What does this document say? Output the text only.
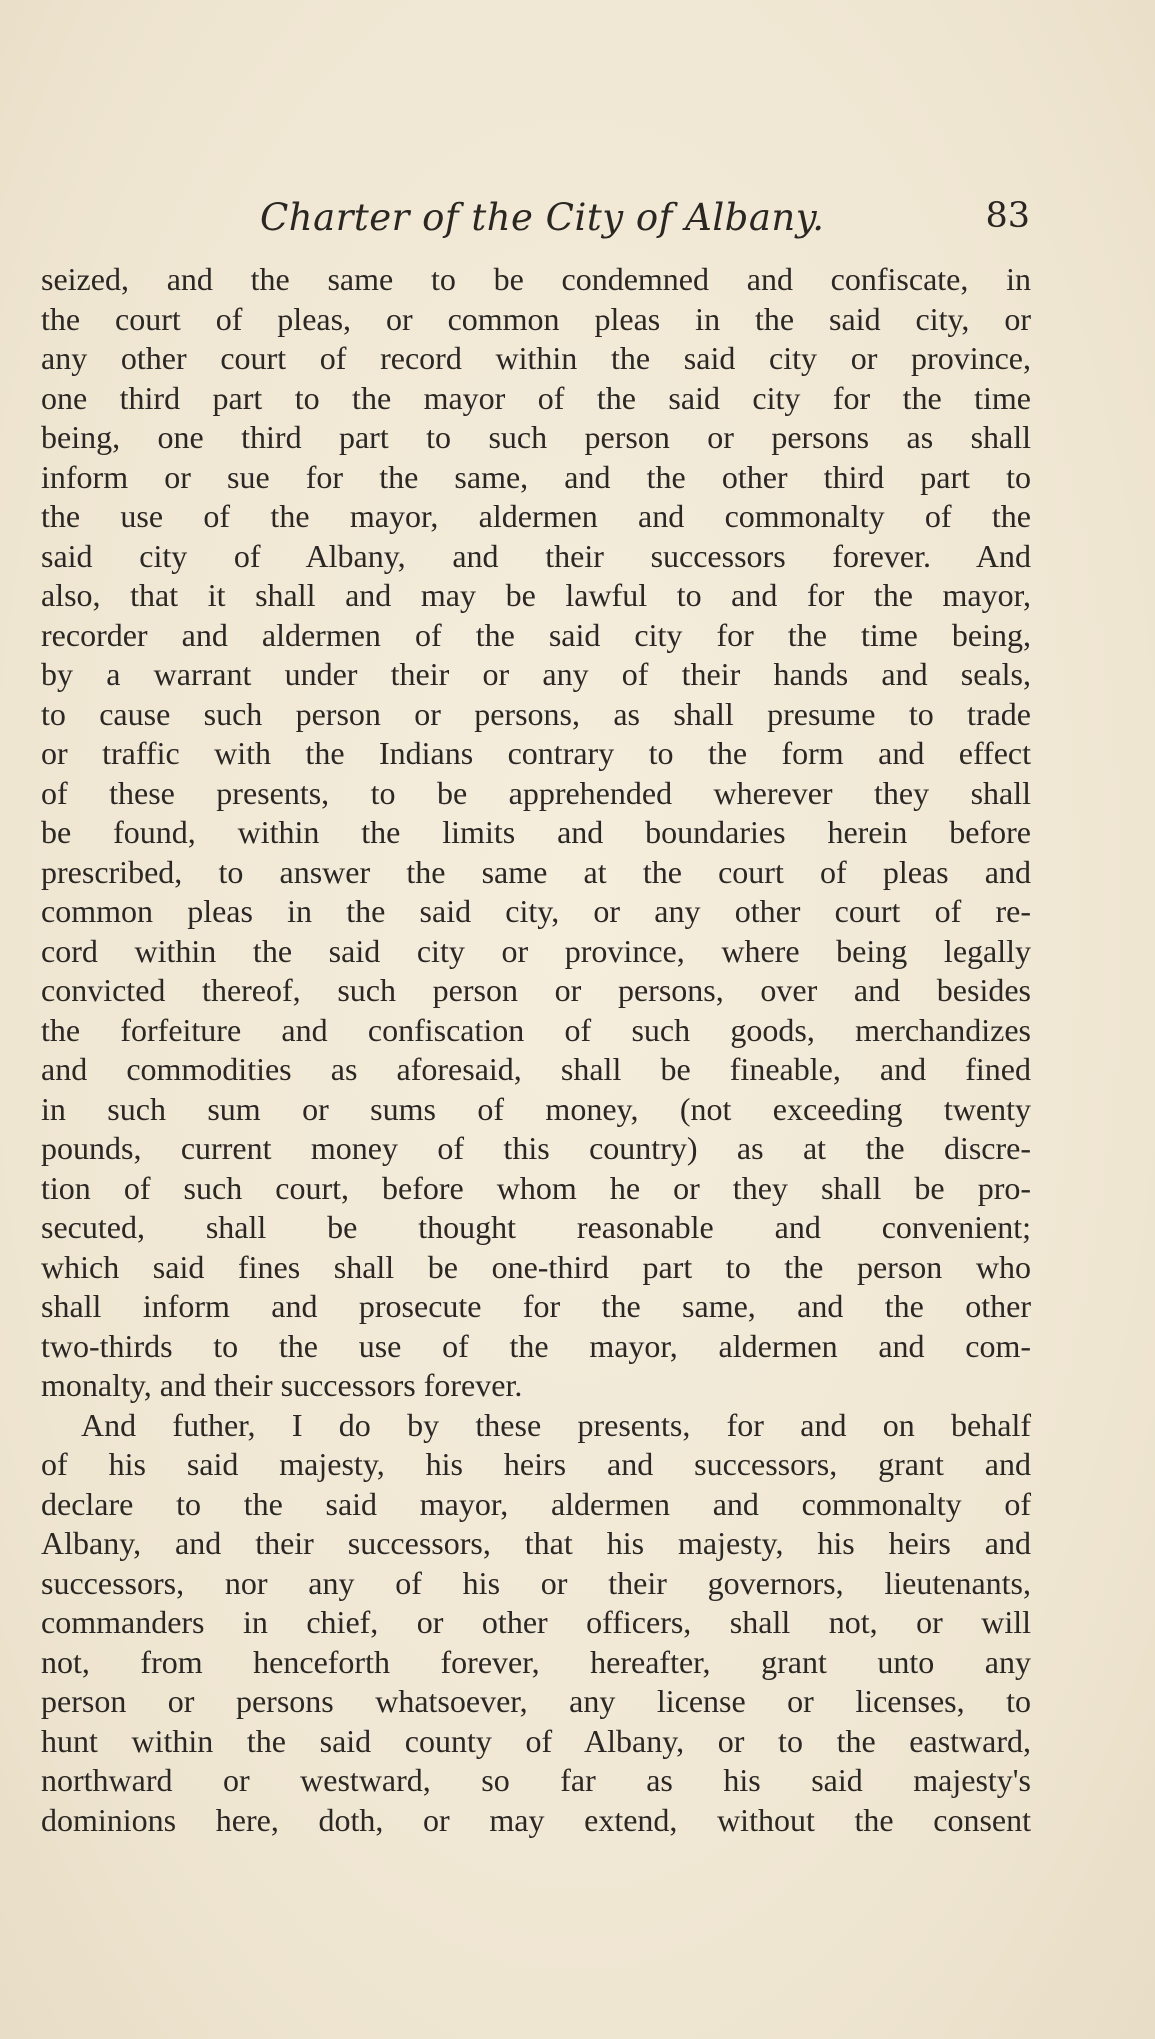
Charter of the City of Albany.	83
seized, and the same to be condemned and confiscate, in
the court of pleas, or common pleas in the said city, or
any other court of record within the said city or province,
one third part to the mayor of the said city for the time
being, one third part to such person or persons as shall
inform or sue for the same, and the other third part to
the use of the mayor, aldermen and commonalty of the
said city of Albany, and their successors forever. And
also, that it shall and may be lawful to and for the mayor,
recorder and aldermen of the said city for the time being,
by a warrant under their or any of their hands and seals,
to cause such person or persons, as shall presume to trade
or traffic with the Indians contrary to the form and effect
of these presents, to be apprehended wherever they shall
be found, within the limits and boundaries herein before
prescribed, to answer the same at the court of pleas and
common pleas in the said city, or any other court of re-
cord within the said city or province, where being legally
convicted thereof, such person or persons, over and besides
the forfeiture and confiscation of such goods, merchandizes
and commodities as aforesaid, shall be fineable, and fined
in such sum or sums of money, (not exceeding twenty
pounds, current money of this country) as at the discre-
tion of such court, before whom he or they shall be pro-
secuted, shall be thought reasonable and convenient;
which said fines shall be one-third part to the person who
shall inform and prosecute for the same, and the other
two-thirds to the use of the mayor, aldermen and com-
monalty, and their successors forever.
And futher, I do by these presents, for and on behalf
of his said majesty, his heirs and successors, grant and
declare to the said mayor, aldermen and commonalty of
Albany, and their successors, that his majesty, his heirs and
successors, nor any of his or their governors, lieutenants,
commanders in chief, or other officers, shall not, or will
not, from henceforth forever, hereafter, grant unto any
person or persons whatsoever, any license or licenses, to
hunt within the said county of Albany, or to the eastward,
northward or westward, so far as his said majesty's
dominions here, doth, or may extend, without the consent
